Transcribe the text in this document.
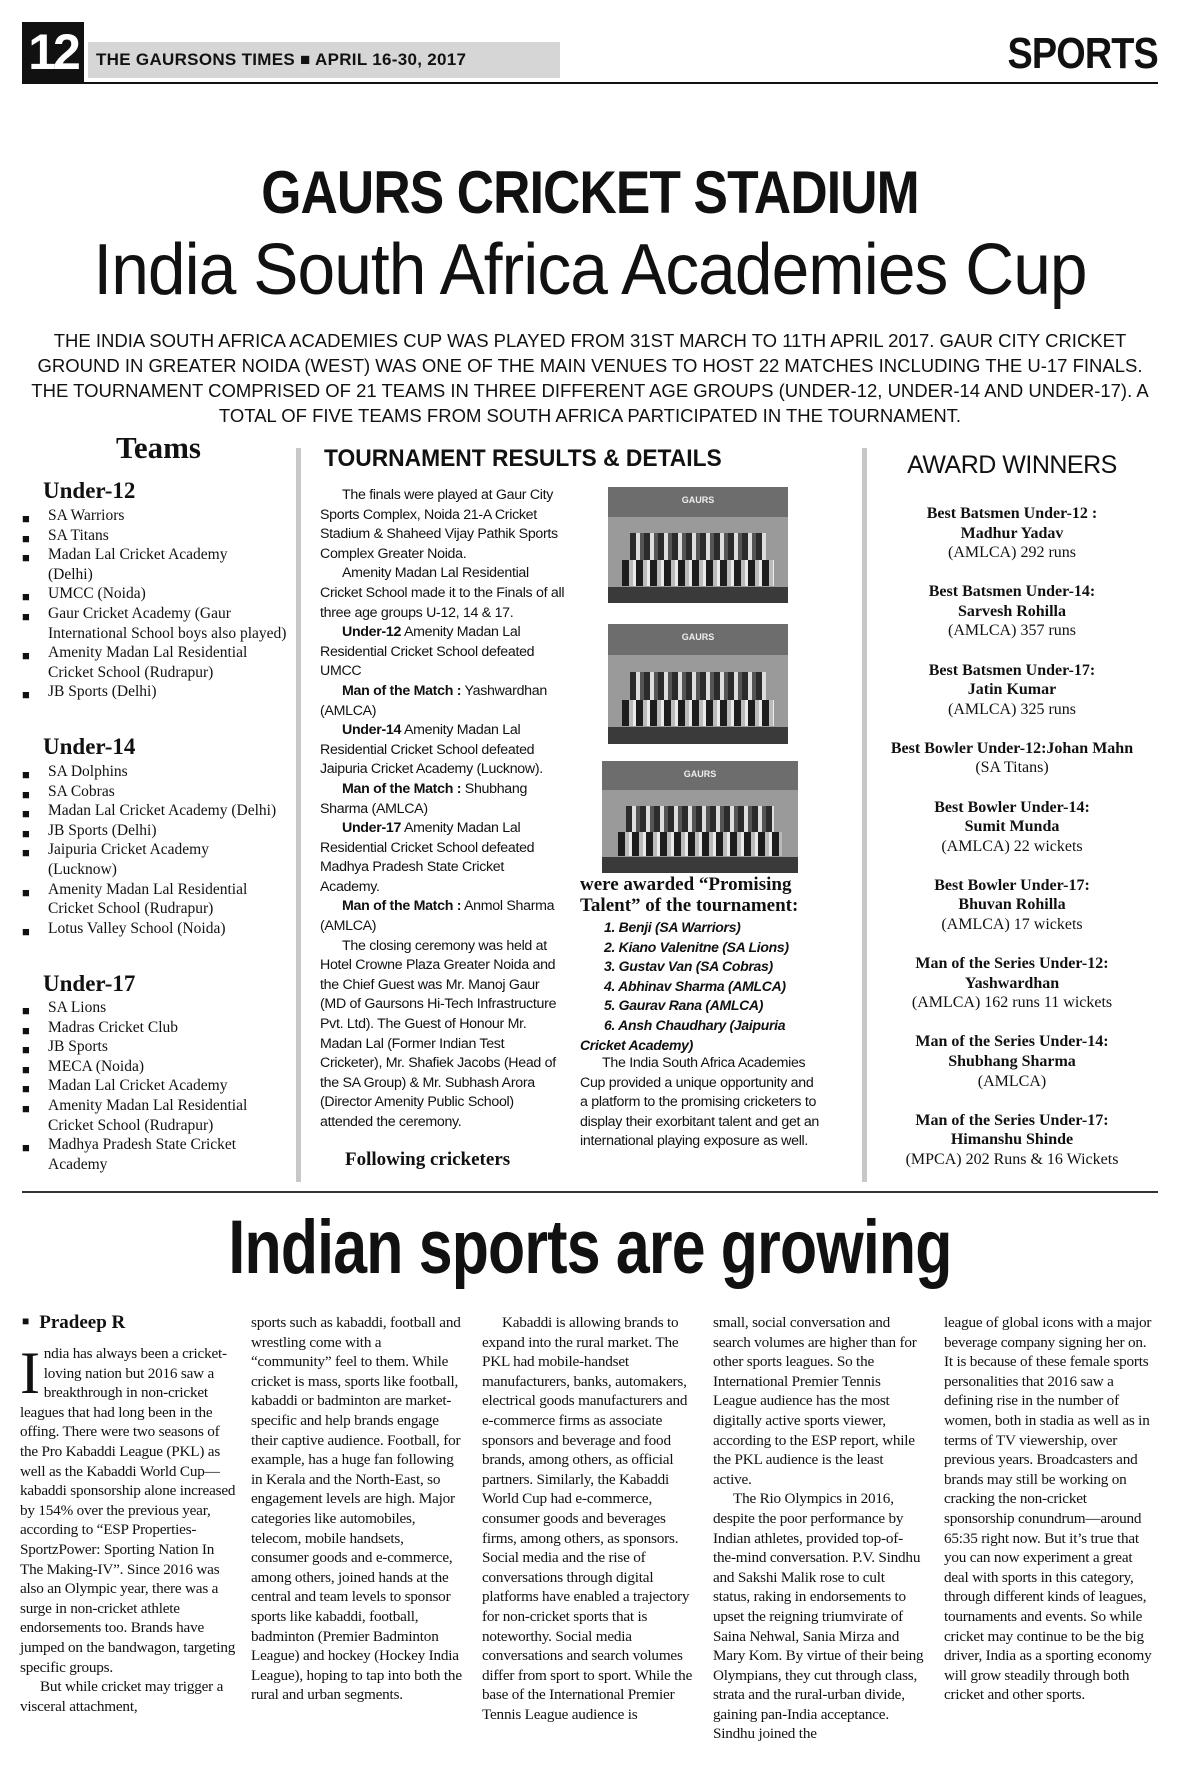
12	THE GAURSONS TIMES ■ APRIL 16-30, 2017	SPORTS
GAURS CRICKET STADIUM
India South Africa Academies Cup
THE INDIA SOUTH AFRICA ACADEMIES CUP WAS PLAYED FROM 31ST MARCH TO 11TH APRIL 2017. GAUR CITY CRICKET GROUND IN GREATER NOIDA (WEST) WAS ONE OF THE MAIN VENUES TO HOST 22 MATCHES INCLUDING THE U-17 FINALS. THE TOURNAMENT COMPRISED OF 21 TEAMS IN THREE DIFFERENT AGE GROUPS (UNDER-12, UNDER-14 AND UNDER-17). A TOTAL OF FIVE TEAMS FROM SOUTH AFRICA PARTICIPATED IN THE TOURNAMENT.
Teams
Under-12
■ SA Warriors
■ SA Titans
■ Madan Lal Cricket Academy (Delhi)
■ UMCC (Noida)
■ Gaur Cricket Academy (Gaur International School boys also played)
■ Amenity Madan Lal Residential Cricket School (Rudrapur)
■ JB Sports (Delhi)
Under-14
■ SA Dolphins
■ SA Cobras
■ Madan Lal Cricket Academy (Delhi)
■ JB Sports (Delhi)
■ Jaipuria Cricket Academy (Lucknow)
■ Amenity Madan Lal Residential Cricket School (Rudrapur)
■ Lotus Valley School (Noida)
Under-17
■ SA Lions
■ Madras Cricket Club
■ JB Sports
■ MECA (Noida)
■ Madan Lal Cricket Academy
■ Amenity Madan Lal Residential Cricket School (Rudrapur)
■ Madhya Pradesh State Cricket Academy
TOURNAMENT RESULTS & DETAILS

The finals were played at Gaur City Sports Complex, Noida 21-A Cricket Stadium & Shaheed Vijay Pathik Sports Complex Greater Noida.

Amenity Madan Lal Residential Cricket School made it to the Finals of all three age groups U-12, 14 & 17.

Under-12 Amenity Madan Lal Residential Cricket School defeated UMCC

Man of the Match : Yashwardhan (AMLCA)

Under-14 Amenity Madan Lal Residential Cricket School defeated Jaipuria Cricket Academy (Lucknow).

Man of the Match : Shubhang Sharma (AMLCA)

Under-17 Amenity Madan Lal Residential Cricket School defeated Madhya Pradesh State Cricket Academy.

Man of the Match : Anmol Sharma (AMLCA)

The closing ceremony was held at Hotel Crowne Plaza Greater Noida and the Chief Guest was Mr. Manoj Gaur (MD of Gaursons Hi-Tech Infrastructure Pvt. Ltd). The Guest of Honour Mr. Madan Lal (Former Indian Test Cricketer), Mr. Shafiek Jacobs (Head of the SA Group) & Mr. Subhash Arora (Director Amenity Public School) attended the ceremony.

Following cricketers
GAURS
GAURS
GAURS
were awarded “Promising Talent” of the tournament:
1. Benji (SA Warriors)
2. Kiano Valenitne (SA Lions)
3. Gustav Van (SA Cobras)
4. Abhinav Sharma (AMLCA)
5. Gaurav Rana (AMLCA)
6. Ansh Chaudhary (Jaipuria Cricket Academy)

The India South Africa Academies Cup provided a unique opportunity and a platform to the promising cricketers to display their exorbitant talent and get an international playing exposure as well.

AWARD WINNERS
Best Batsmen Under-12 :
Madhur Yadav
(AMLCA) 292 runs
Best Batsmen Under-14:
Sarvesh Rohilla
(AMLCA) 357 runs
Best Batsmen Under-17:
Jatin Kumar
(AMLCA) 325 runs
Best Bowler Under-12:Johan Mahn
(SA Titans)
Best Bowler Under-14:
Sumit Munda
(AMLCA) 22 wickets
Best Bowler Under-17:
Bhuvan Rohilla
(AMLCA) 17 wickets
Man of the Series Under-12:
Yashwardhan
(AMLCA) 162 runs 11 wickets
Man of the Series Under-14:
Shubhang Sharma
(AMLCA)
Man of the Series Under-17:
Himanshu Shinde
(MPCA) 202 Runs & 16 Wickets
Indian sports are growing
■ Pradeep R

India has always been a cricket-loving nation but 2016 saw a breakthrough in non-cricket leagues that had long been in the offing. There were two seasons of the Pro Kabaddi League (PKL) as well as the Kabaddi World Cup—kabaddi sponsorship alone increased by 154% over the previous year, according to “ESP Properties-SportzPower: Sporting Nation In The Making-IV”. Since 2016 was also an Olympic year, there was a surge in non-cricket athlete endorsements too. Brands have jumped on the bandwagon, targeting specific groups.

But while cricket may trigger a visceral attachment,

sports such as kabaddi, football and wrestling come with a “community” feel to them. While cricket is mass, sports like football, kabaddi or badminton are market-specific and help brands engage their captive audience. Football, for example, has a huge fan following in Kerala and the North-East, so engagement levels are high. Major categories like automobiles, telecom, mobile handsets, consumer goods and e-commerce, among others, joined hands at the central and team levels to sponsor sports like kabaddi, football, badminton (Premier Badminton League) and hockey (Hockey India League), hoping to tap into both the rural and urban segments.

Kabaddi is allowing brands to expand into the rural market. The PKL had mobile-handset manufacturers, banks, automakers, electrical goods manufacturers and e-commerce firms as associate sponsors and beverage and food brands, among others, as official partners. Similarly, the Kabaddi World Cup had e-commerce, consumer goods and beverages firms, among others, as sponsors. Social media and the rise of conversations through digital platforms have enabled a trajectory for non-cricket sports that is noteworthy. Social media conversations and search volumes differ from sport to sport. While the base of the International Premier Tennis League audience is

small, social conversation and search volumes are higher than for other sports leagues. So the International Premier Tennis League audience has the most digitally active sports viewer, according to the ESP report, while the PKL audience is the least active.

The Rio Olympics in 2016, despite the poor performance by Indian athletes, provided top-of-the-mind conversation. P.V. Sindhu and Sakshi Malik rose to cult status, raking in endorsements to upset the reigning triumvirate of Saina Nehwal, Sania Mirza and Mary Kom. By virtue of their being Olympians, they cut through class, strata and the rural-urban divide, gaining pan-India acceptance. Sindhu joined the

league of global icons with a major beverage company signing her on. It is because of these female sports personalities that 2016 saw a defining rise in the number of women, both in stadia as well as in terms of TV viewership, over previous years. Broadcasters and brands may still be working on cracking the non-cricket sponsorship conundrum—around 65:35 right now. But it’s true that you can now experiment a great deal with sports in this category, through different kinds of leagues, tournaments and events. So while cricket may continue to be the big driver, India as a sporting economy will grow steadily through both cricket and other sports.
